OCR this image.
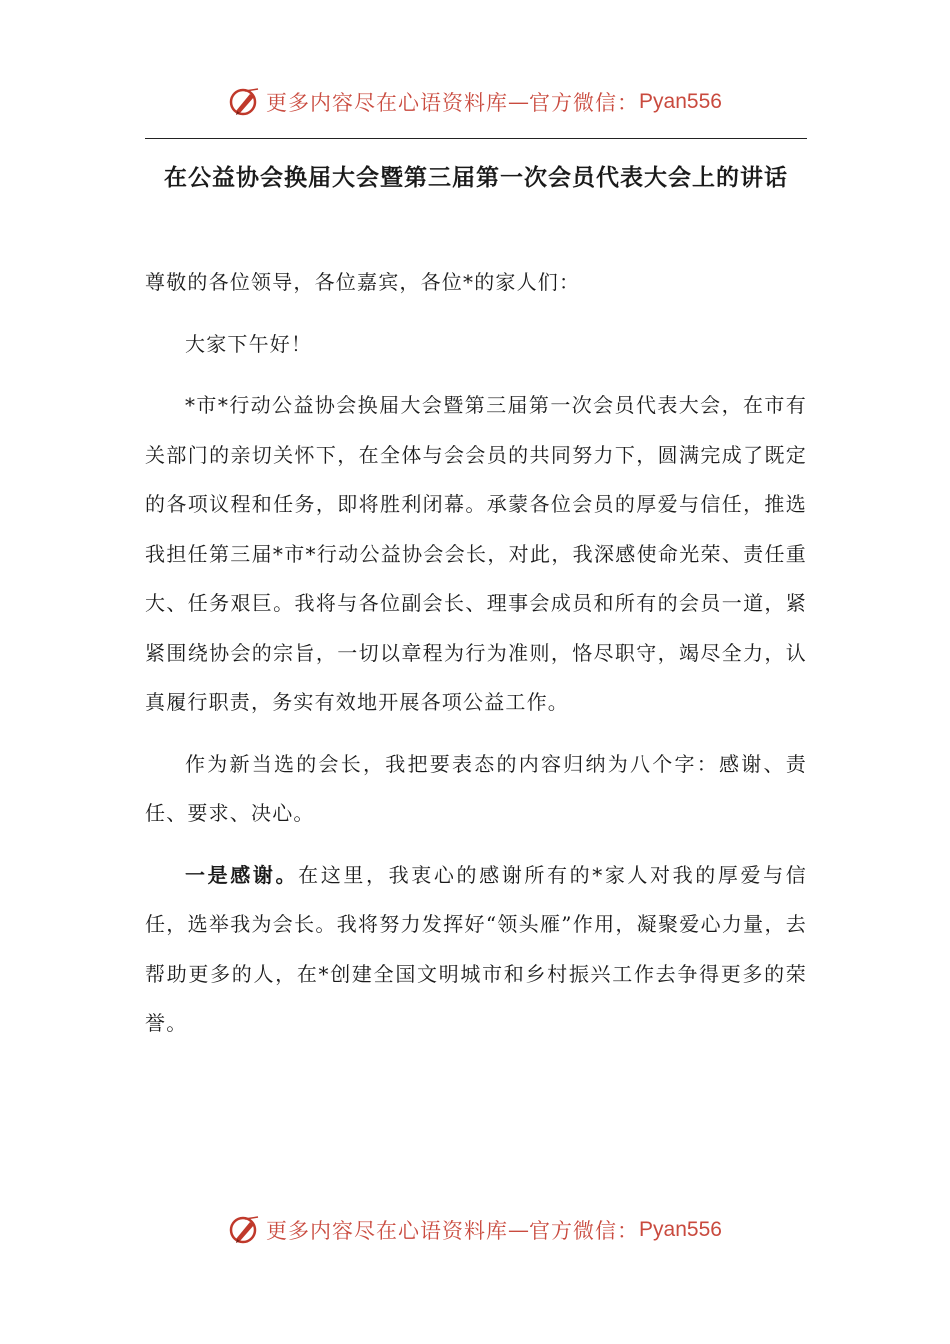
更多内容尽在心语资料库 — 官方微信： Pyan556
在公益协会换届大会暨第三届第一次会员代表大会上的讲话

尊敬的各位领导，各位嘉宾，各位*的家人们：

大家下午好！

*市*行动公益协会换届大会暨第三届第一次会员代表大会，在市有关部门的亲切关怀下，在全体与会会员的共同努力下，圆满完成了既定的各项议程和任务，即将胜利闭幕。承蒙各位会员的厚爱与信任，推选我担任第三届*市*行动公益协会会长，对此，我深感使命光荣、责任重大、任务艰巨。我将与各位副会长、理事会成员和所有的会员一道，紧紧围绕协会的宗旨，一切以章程为行为准则，恪尽职守，竭尽全力，认真履行职责，务实有效地开展各项公益工作。

作为新当选的会长，我把要表态的内容归纳为八个字：感谢、责任、要求、决心。

一是感谢。在这里，我衷心的感谢所有的*家人对我的厚爱与信任，选举我为会长。我将努力发挥好“领头雁”作用，凝聚爱心力量，去帮助更多的人，在*创建全国文明城市和乡村振兴工作去争得更多的荣誉。

更多内容尽在心语资料库 — 官方微信： Pyan556
